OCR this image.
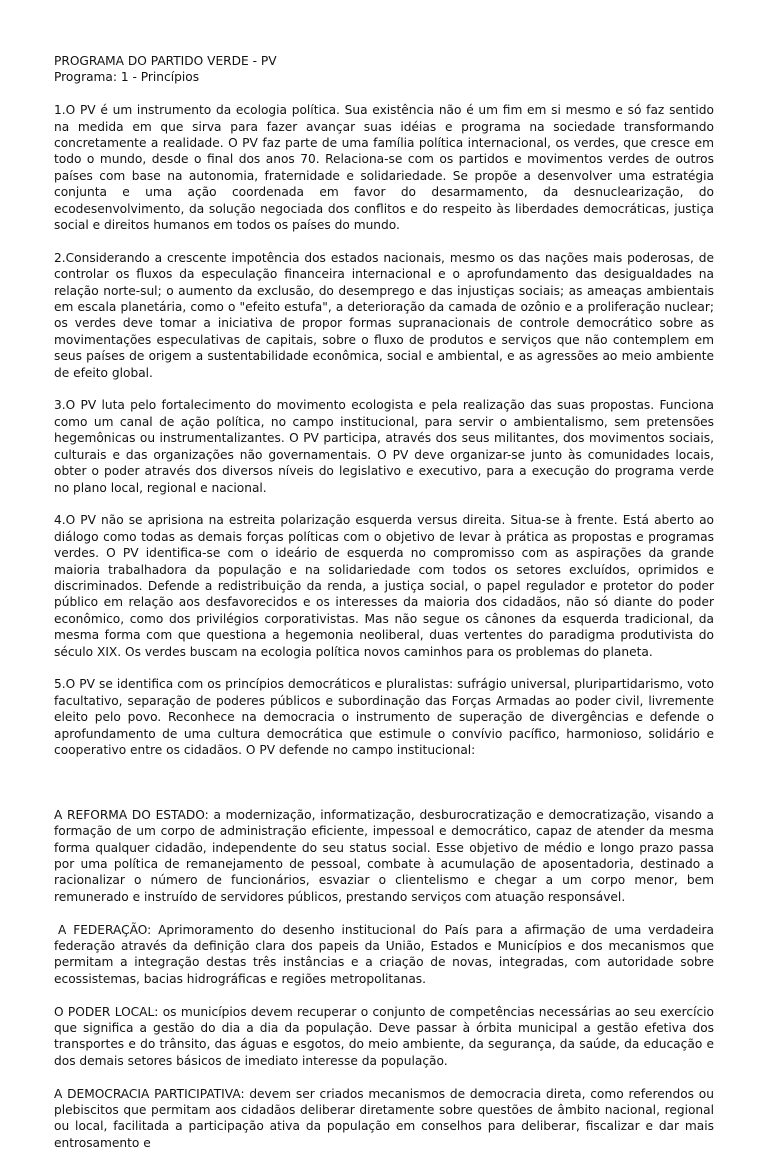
PROGRAMA DO PARTIDO VERDE - PV

Programa: 1 - Princípios

1.O PV é um instrumento da ecologia política. Sua existência não é um fim em si mesmo e só faz sentido na medida em que sirva para fazer avançar suas idéias e programa na sociedade transformando concretamente a realidade. O PV faz parte de uma família política internacional, os verdes, que cresce em todo o mundo, desde o final dos anos 70. Relaciona-se com os partidos e movimentos verdes de outros países com base na autonomia, fraternidade e solidariedade. Se propõe a desenvolver uma estratégia conjunta e uma ação coordenada em favor do desarmamento, da desnuclearização, do ecodesenvolvimento, da solução negociada dos conflitos e do respeito às liberdades democráticas, justiça social e direitos humanos em todos os países do mundo.

2.Considerando a crescente impotência dos estados nacionais, mesmo os das nações mais poderosas, de controlar os fluxos da especulação financeira internacional e o aprofundamento das desigualdades na relação norte-sul; o aumento da exclusão, do desemprego e das injustiças sociais; as ameaças ambientais em escala planetária, como o "efeito estufa", a deterioração da camada de ozônio e a proliferação nuclear; os verdes deve tomar a iniciativa de propor formas supranacionais de controle democrático sobre as movimentações especulativas de capitais, sobre o fluxo de produtos e serviços que não contemplem em seus países de origem a sustentabilidade econômica, social e ambiental, e as agressões ao meio ambiente de efeito global.

3.O PV luta pelo fortalecimento do movimento ecologista e pela realização das suas propostas. Funciona como um canal de ação política, no campo institucional, para servir o ambientalismo, sem pretensões hegemônicas ou instrumentalizantes. O PV participa, através dos seus militantes, dos movimentos sociais, culturais e das organizações não governamentais. O PV deve organizar-se junto às comunidades locais, obter o poder através dos diversos níveis do legislativo e executivo, para a execução do programa verde no plano local, regional e nacional.

4.O PV não se aprisiona na estreita polarização esquerda versus direita. Situa-se à frente. Está aberto ao diálogo como todas as demais forças políticas com o objetivo de levar à prática as propostas e programas verdes. O PV identifica-se com o ideário de esquerda no compromisso com as aspirações da grande maioria trabalhadora da população e na solidariedade com todos os setores excluídos, oprimidos e discriminados. Defende a redistribuição da renda, a justiça social, o papel regulador e protetor do poder público em relação aos desfavorecidos e os interesses da maioria dos cidadãos, não só diante do poder econômico, como dos privilégios corporativistas. Mas não segue os cânones da esquerda tradicional, da mesma forma com que questiona a hegemonia neoliberal, duas vertentes do paradigma produtivista do século XIX. Os verdes buscam na ecologia política novos caminhos para os problemas do planeta.

5.O PV se identifica com os princípios democráticos e pluralistas: sufrágio universal, pluripartidarismo, voto facultativo, separação de poderes públicos e subordinação das Forças Armadas ao poder civil, livremente eleito pelo povo. Reconhece na democracia o instrumento de superação de divergências e defende o aprofundamento de uma cultura democrática que estimule o convívio pacífico, harmonioso, solidário e cooperativo entre os cidadãos. O PV defende no campo institucional:

A REFORMA DO ESTADO: a modernização, informatização, desburocratização e democratização, visando a formação de um corpo de administração eficiente, impessoal e democrático, capaz de atender da mesma forma qualquer cidadão, independente do seu status social. Esse objetivo de médio e longo prazo passa por uma política de remanejamento de pessoal, combate à acumulação de aposentadoria, destinado a racionalizar o número de funcionários, esvaziar o clientelismo e chegar a um corpo menor, bem remunerado e instruído de servidores públicos, prestando serviços com atuação responsável.

A FEDERAÇÃO: Aprimoramento do desenho institucional do País para a afirmação de uma verdadeira federação através da definição clara dos papeis da União, Estados e Municípios e dos mecanismos que permitam a integração destas três instâncias e a criação de novas, integradas, com autoridade sobre ecossistemas, bacias hidrográficas e regiões metropolitanas.

O PODER LOCAL: os municípios devem recuperar o conjunto de competências necessárias ao seu exercício que significa a gestão do dia a dia da população. Deve passar à órbita municipal a gestão efetiva dos transportes e do trânsito, das águas e esgotos, do meio ambiente, da segurança, da saúde, da educação e dos demais setores básicos de imediato interesse da população.

A DEMOCRACIA PARTICIPATIVA: devem ser criados mecanismos de democracia direta, como referendos ou plebiscitos que permitam aos cidadãos deliberar diretamente sobre questões de âmbito nacional, regional ou local, facilitada a participação ativa da população em conselhos para deliberar, fiscalizar e dar mais entrosamento e
